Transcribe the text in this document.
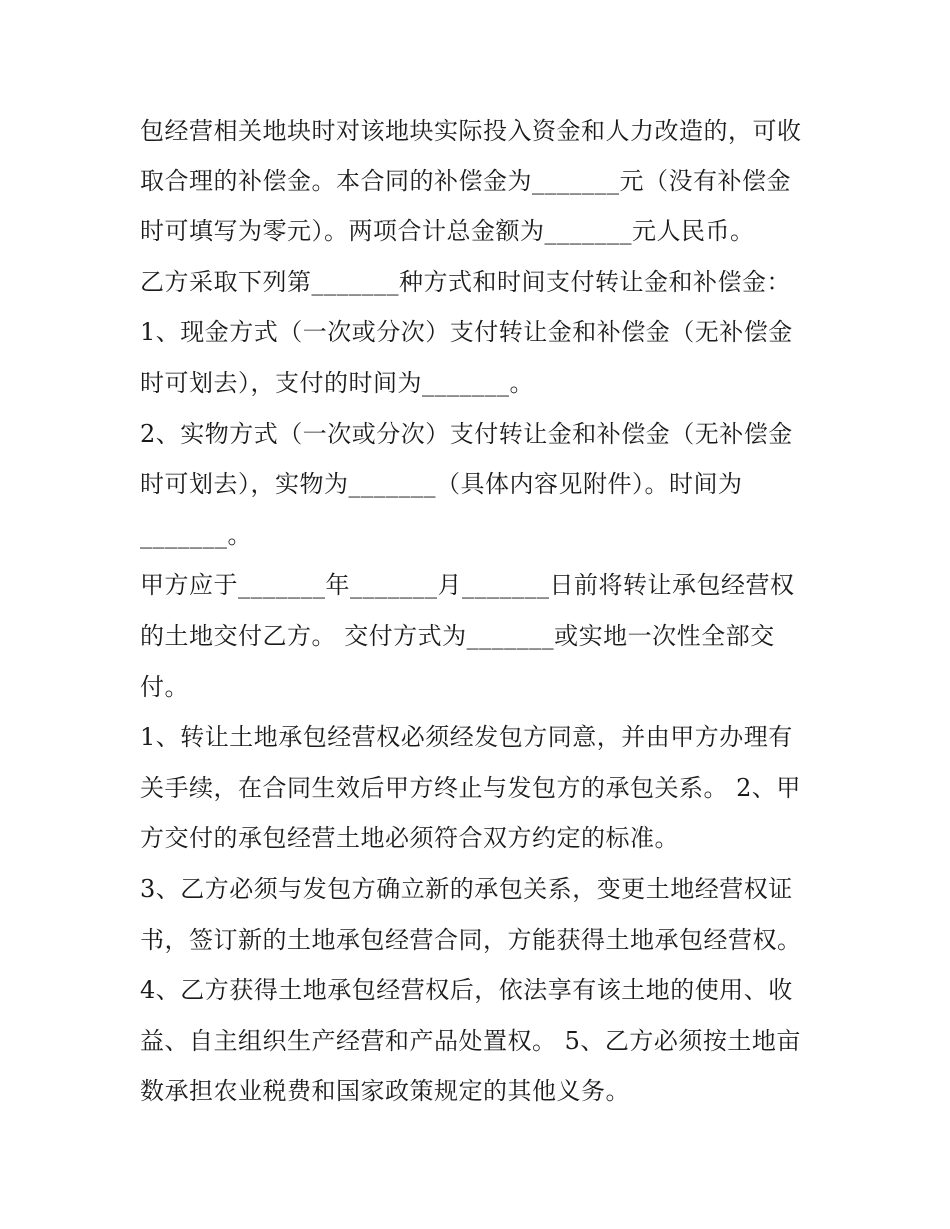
包经营相关地块时对该地块实际投入资金和人力改造的，可收
取合理的补偿金。本合同的补偿金为_______元（没有补偿金
时可填写为零元）。两项合计总金额为_______元人民币。
乙方采取下列第_______种方式和时间支付转让金和补偿金：
1、现金方式（一次或分次）支付转让金和补偿金（无补偿金
时可划去），支付的时间为_______。
2、实物方式（一次或分次）支付转让金和补偿金（无补偿金
时可划去），实物为_______（具体内容见附件）。时间为
_______。
甲方应于_______年_______月_______日前将转让承包经营权
的土地交付乙方。 交付方式为_______或实地一次性全部交
付。
1、转让土地承包经营权必须经发包方同意，并由甲方办理有
关手续，在合同生效后甲方终止与发包方的承包关系。 2、甲
方交付的承包经营土地必须符合双方约定的标准。
3、乙方必须与发包方确立新的承包关系，变更土地经营权证
书，签订新的土地承包经营合同，方能获得土地承包经营权。
4、乙方获得土地承包经营权后，依法享有该土地的使用、收
益、自主组织生产经营和产品处置权。 5、乙方必须按土地亩
数承担农业税费和国家政策规定的其他义务。
